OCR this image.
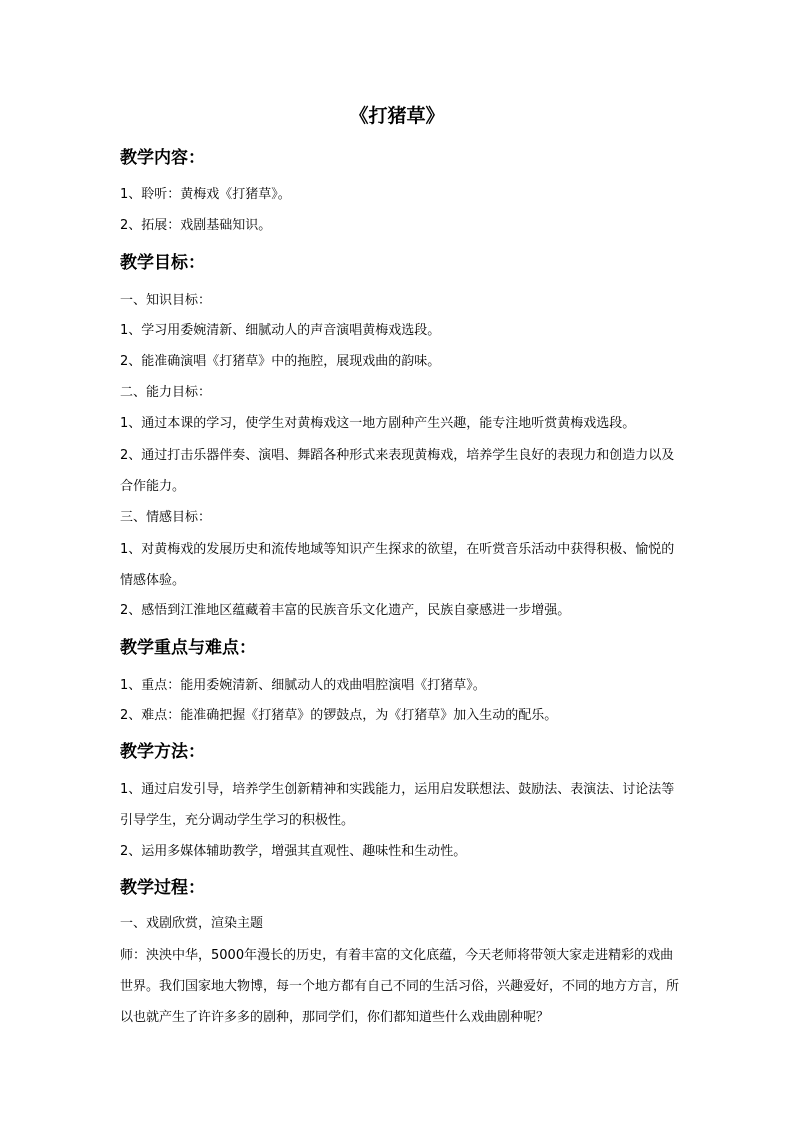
《打猪草》
教学内容：
1、聆听：黄梅戏《打猪草》。
2、拓展：戏剧基础知识。
教学目标：
一、知识目标：
1、学习用委婉清新、细腻动人的声音演唱黄梅戏选段。
2、能准确演唱《打猪草》中的拖腔，展现戏曲的韵味。
二、能力目标：
1、通过本课的学习，使学生对黄梅戏这一地方剧种产生兴趣，能专注地听赏黄梅戏选段。
2、通过打击乐器伴奏、演唱、舞蹈各种形式来表现黄梅戏，培养学生良好的表现力和创造力以及合作能力。
三、情感目标：
1、对黄梅戏的发展历史和流传地域等知识产生探求的欲望，在听赏音乐活动中获得积极、愉悦的情感体验。
2、感悟到江淮地区蕴藏着丰富的民族音乐文化遗产，民族自豪感进一步增强。
教学重点与难点：
1、重点：能用委婉清新、细腻动人的戏曲唱腔演唱《打猪草》。
2、难点：能准确把握《打猪草》的锣鼓点，为《打猪草》加入生动的配乐。
教学方法：
1、通过启发引导，培养学生创新精神和实践能力，运用启发联想法、鼓励法、表演法、讨论法等引导学生，充分调动学生学习的积极性。
2、运用多媒体辅助教学，增强其直观性、趣味性和生动性。
教学过程：
一、戏剧欣赏，渲染主题
师：泱泱中华，5000年漫长的历史，有着丰富的文化底蕴，今天老师将带领大家走进精彩的戏曲世界。我们国家地大物博，每一个地方都有自己不同的生活习俗，兴趣爱好，不同的地方方言，所以也就产生了许许多多的剧种，那同学们，你们都知道些什么戏曲剧种呢？
